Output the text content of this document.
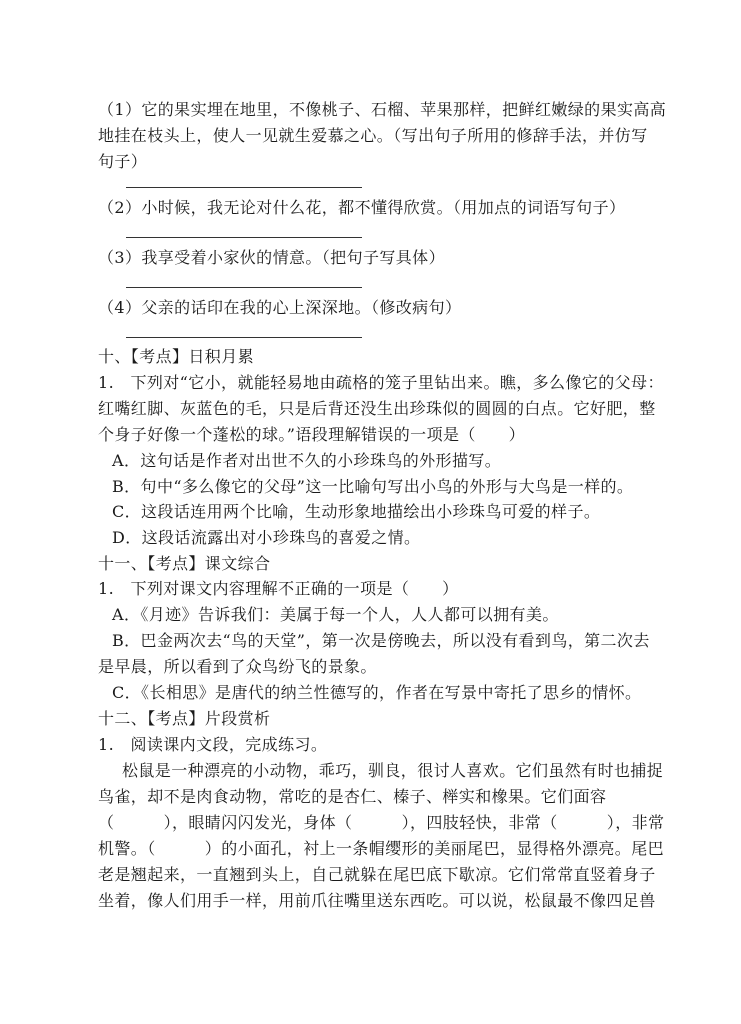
（1）它的果实埋在地里，不像桃子、石榴、苹果那样，把鲜红嫩绿的果实高高
地挂在枝头上，使人一见就生爱慕之心。（写出句子所用的修辞手法，并仿写
句子）
（2）小时候，我无论对什么花，都不懂得欣赏。（用加点的词语写句子）
（3）我享受着小家伙的情意。（把句子写具体）
（4）父亲的话印在我的心上深深地。（修改病句）
十、【考点】日积月累
1.　下列对“它小，就能轻易地由疏格的笼子里钻出来。瞧，多么像它的父母：
红嘴红脚、灰蓝色的毛，只是后背还没生出珍珠似的圆圆的白点。它好肥，整
个身子好像一个蓬松的球。”语段理解错误的一项是（　　）
A．这句话是作者对出世不久的小珍珠鸟的外形描写。
B．句中“多么像它的父母”这一比喻句写出小鸟的外形与大鸟是一样的。
C．这段话连用两个比喻，生动形象地描绘出小珍珠鸟可爱的样子。
D．这段话流露出对小珍珠鸟的喜爱之情。
十一、【考点】课文综合
1.　下列对课文内容理解不正确的一项是（　　）
A．《月迹》告诉我们：美属于每一个人，人人都可以拥有美。
B．巴金两次去“鸟的天堂”，第一次是傍晚去，所以没有看到鸟，第二次去
是早晨，所以看到了众鸟纷飞的景象。
C．《长相思》是唐代的纳兰性德写的，作者在写景中寄托了思乡的情怀。
十二、【考点】片段赏析
1.　阅读课内文段，完成练习。
松鼠是一种漂亮的小动物，乖巧，驯良，很讨人喜欢。它们虽然有时也捕捉
鸟雀，却不是肉食动物，常吃的是杏仁、榛子、榉实和橡果。它们面容
（　　　），眼睛闪闪发光，身体（　　　），四肢轻快，非常（　　　），非常
机警。（　　　）的小面孔，衬上一条帽缨形的美丽尾巴，显得格外漂亮。尾巴
老是翘起来，一直翘到头上，自己就躲在尾巴底下歇凉。它们常常直竖着身子
坐着，像人们用手一样，用前爪往嘴里送东西吃。可以说，松鼠最不像四足兽
